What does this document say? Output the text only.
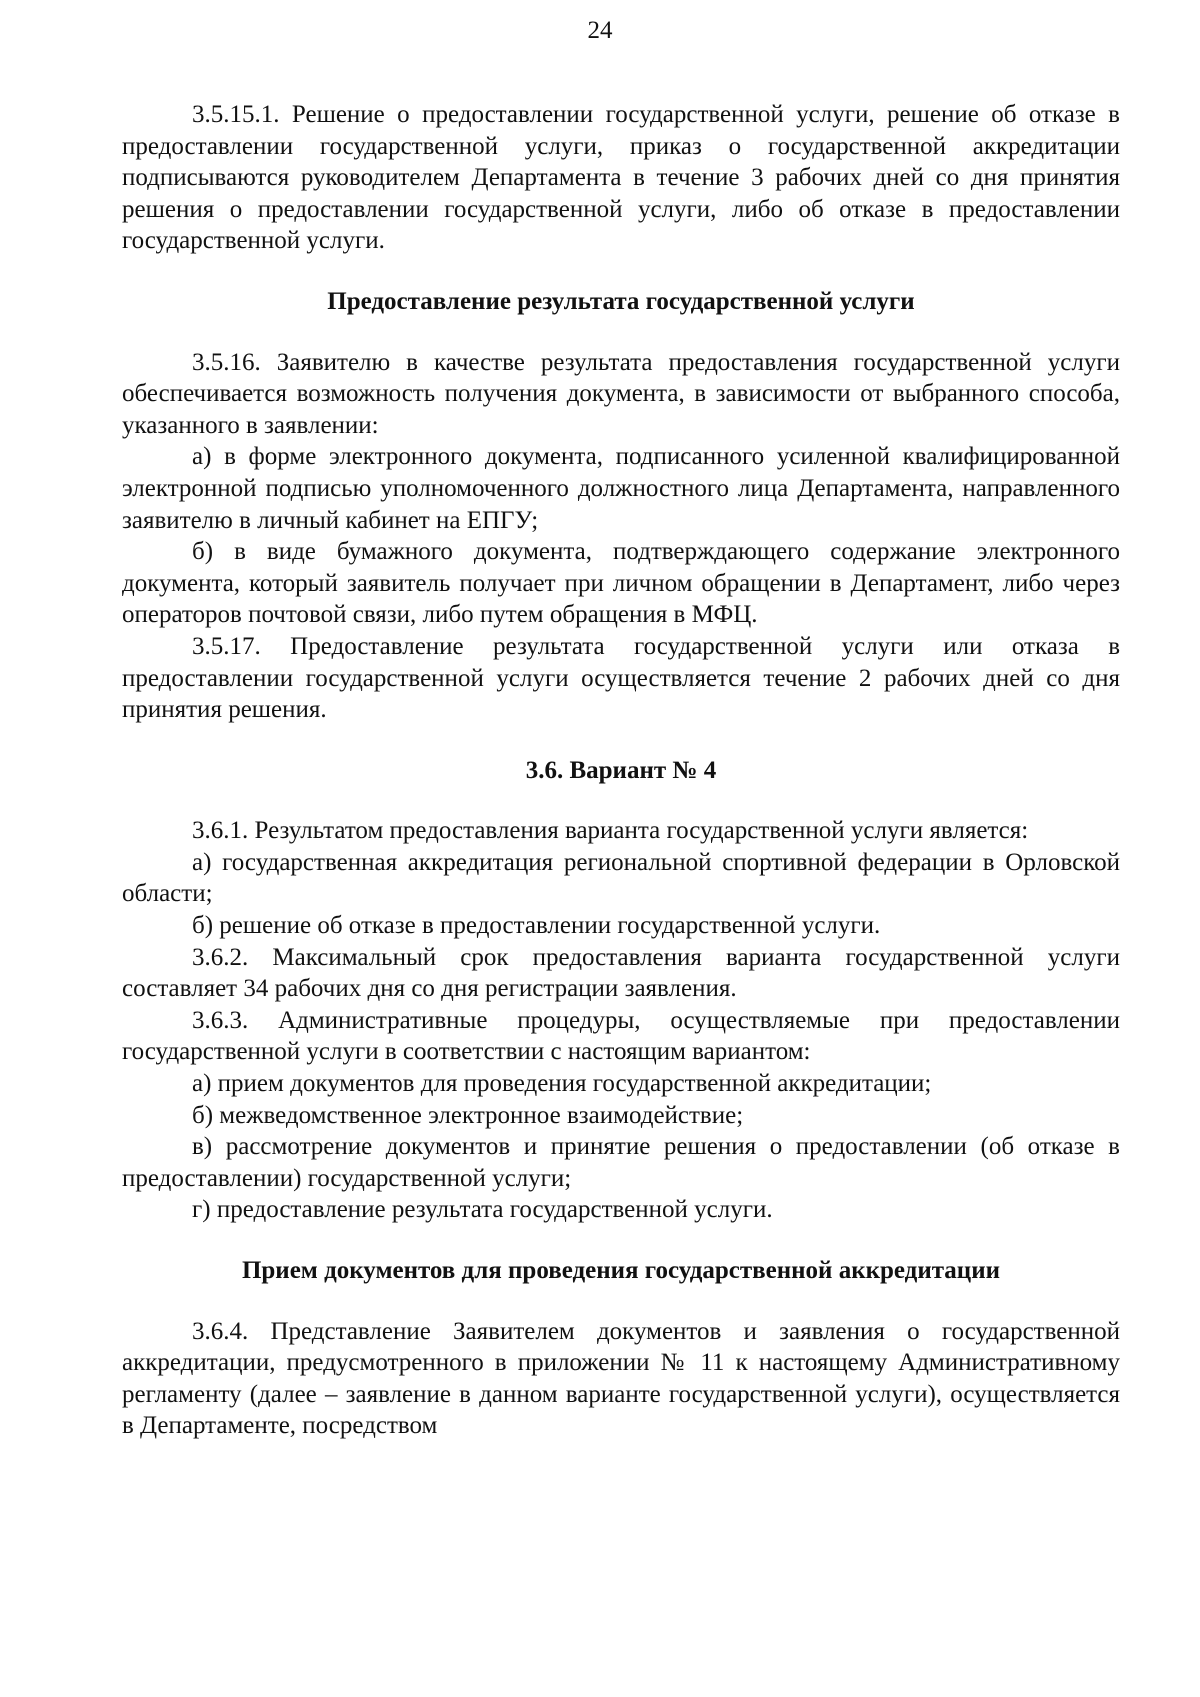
24

3.5.15.1. Решение о предоставлении государственной услуги, решение об отказе в предоставлении государственной услуги, приказ о государственной аккредитации подписываются руководителем Департамента в течение 3 рабочих дней со дня принятия решения о предоставлении государственной услуги, либо об отказе в предоставлении государственной услуги.

Предоставление результата государственной услуги

3.5.16. Заявителю в качестве результата предоставления государственной услуги обеспечивается возможность получения документа, в зависимости от выбранного способа, указанного в заявлении:

а) в форме электронного документа, подписанного усиленной квалифицированной электронной подписью уполномоченного должностного лица Департамента, направленного заявителю в личный кабинет на ЕПГУ;

б) в виде бумажного документа, подтверждающего содержание электронного документа, который заявитель получает при личном обращении в Департамент, либо через операторов почтовой связи, либо путем обращения в МФЦ.

3.5.17. Предоставление результата государственной услуги или отказа в предоставлении государственной услуги осуществляется течение 2 рабочих дней со дня принятия решения.

3.6. Вариант № 4

3.6.1. Результатом предоставления варианта государственной услуги является:

а) государственная аккредитация региональной спортивной федерации в Орловской области;

б) решение об отказе в предоставлении государственной услуги.

3.6.2. Максимальный срок предоставления варианта государственной услуги составляет 34 рабочих дня со дня регистрации заявления.

3.6.3. Административные процедуры, осуществляемые при предоставлении государственной услуги в соответствии с настоящим вариантом:

а) прием документов для проведения государственной аккредитации;

б) межведомственное электронное взаимодействие;

в) рассмотрение документов и принятие решения о предоставлении (об отказе в предоставлении) государственной услуги;

г) предоставление результата государственной услуги.

Прием документов для проведения государственной аккредитации

3.6.4. Представление Заявителем документов и заявления о государственной аккредитации, предусмотренного в приложении № 11 к настоящему Административному регламенту (далее – заявление в данном варианте государственной услуги), осуществляется в Департаменте, посредством
